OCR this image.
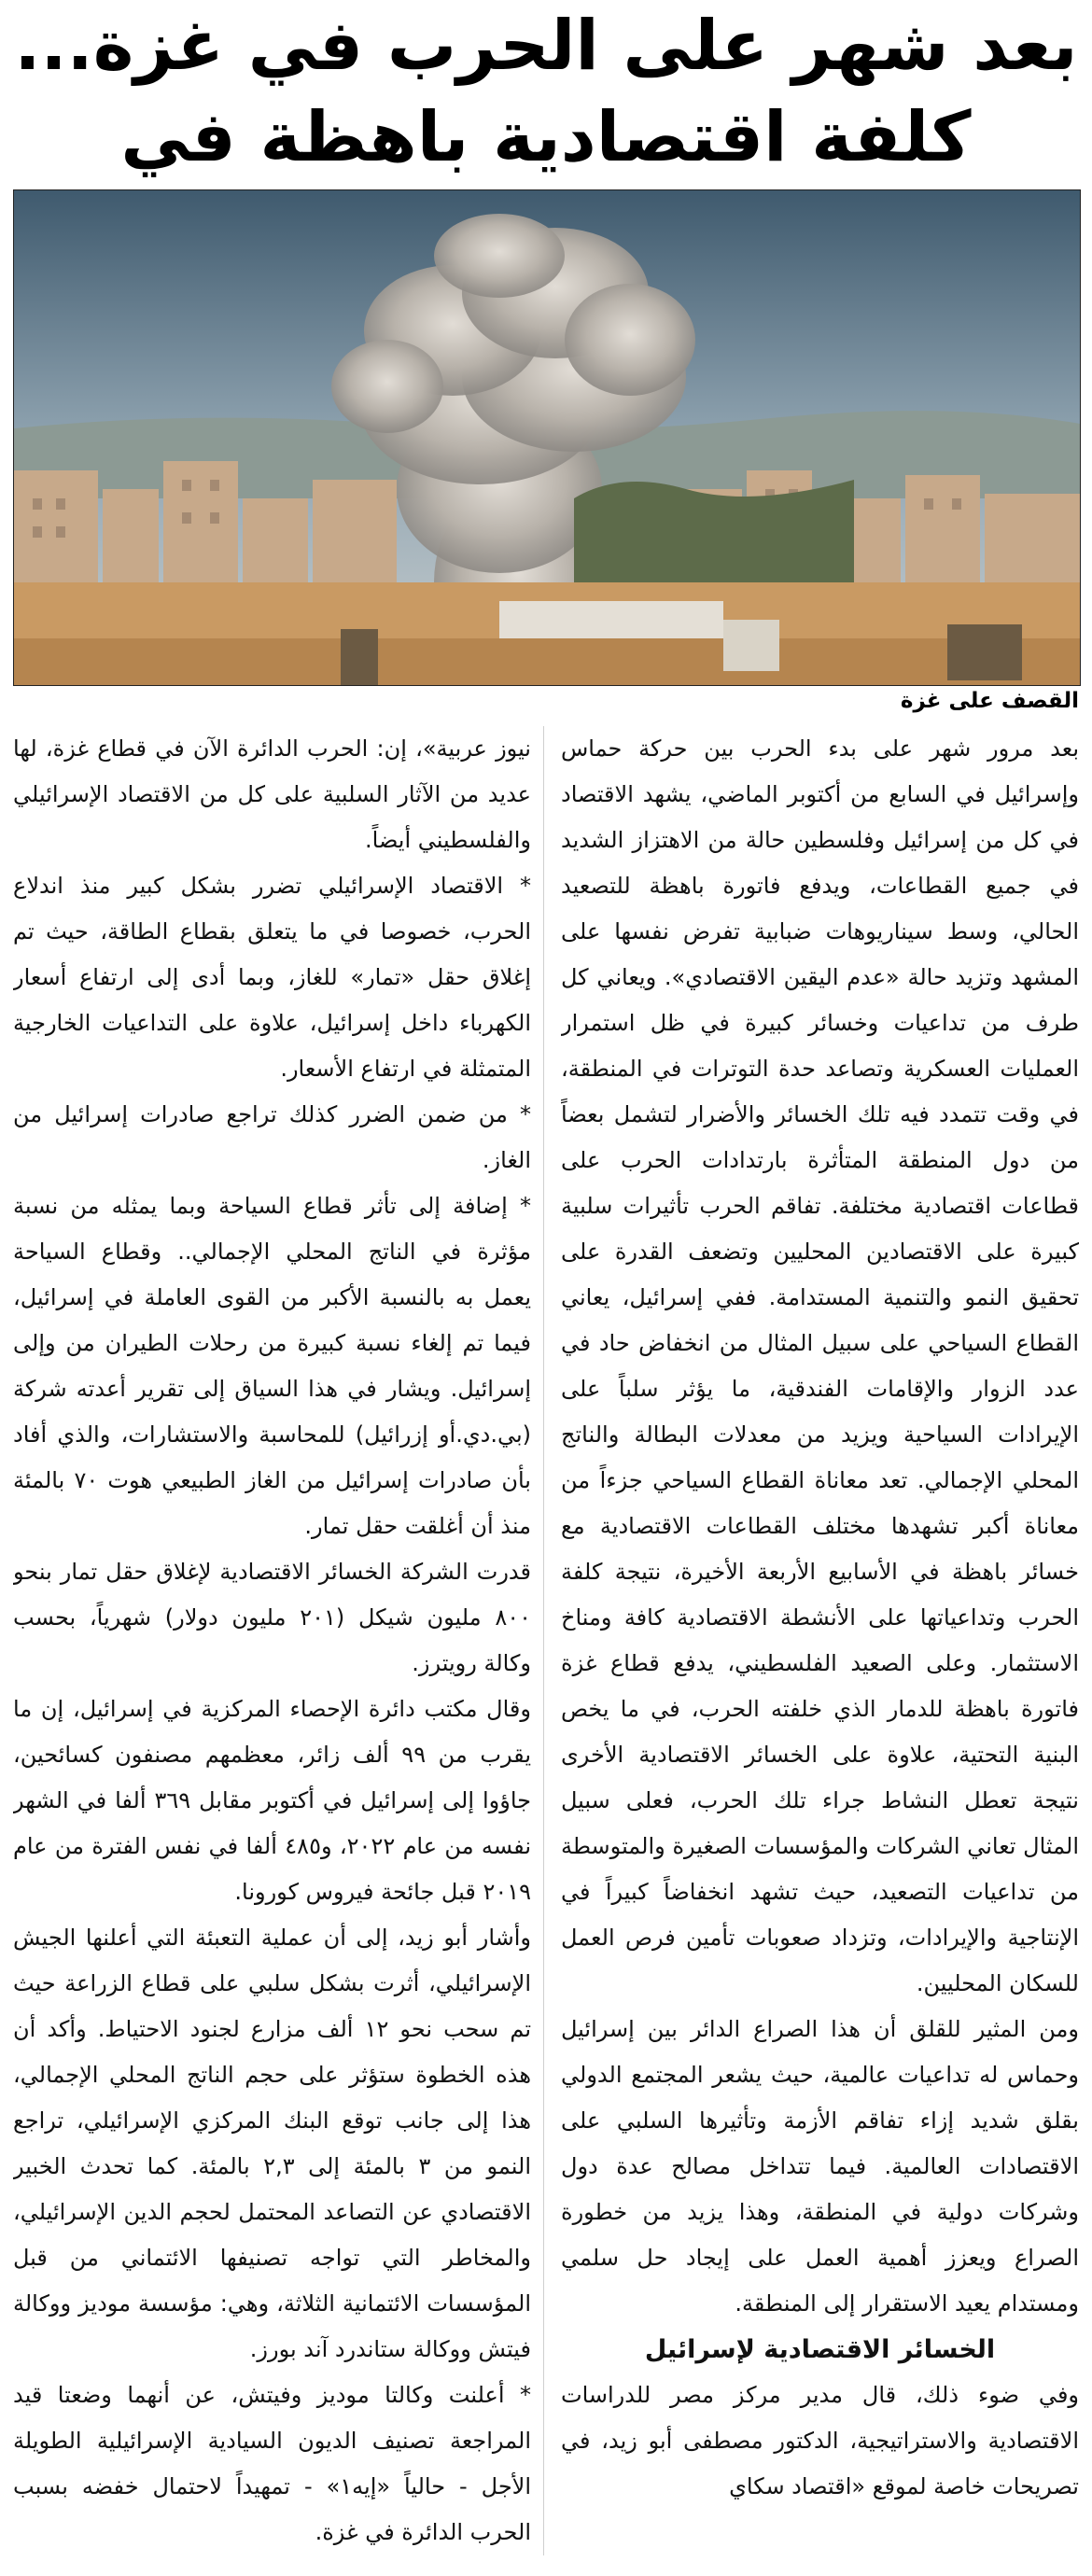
بعد شهر على الحرب في غزة...
كلفة اقتصادية باهظة في
القصف على غزة

بعد مرور شهر على بدء الحرب بين حركة حماس وإسرائيل في السابع من أكتوبر الماضي، يشهد الاقتصاد في كل من إسرائيل وفلسطين حالة من الاهتزاز الشديد في جميع القطاعات، ويدفع فاتورة باهظة للتصعيد الحالي، وسط سيناريوهات ضبابية تفرض نفسها على المشهد وتزيد حالة «عدم اليقين الاقتصادي». ويعاني كل طرف من تداعيات وخسائر كبيرة في ظل استمرار العمليات العسكرية وتصاعد حدة التوترات في المنطقة، في وقت تتمدد فيه تلك الخسائر والأضرار لتشمل بعضاً من دول المنطقة المتأثرة بارتدادات الحرب على قطاعات اقتصادية مختلفة. تفاقم الحرب تأثيرات سلبية كبيرة على الاقتصادين المحليين وتضعف القدرة على تحقيق النمو والتنمية المستدامة. ففي إسرائيل، يعاني القطاع السياحي على سبيل المثال من انخفاض حاد في عدد الزوار والإقامات الفندقية، ما يؤثر سلباً على الإيرادات السياحية ويزيد من معدلات البطالة والناتج المحلي الإجمالي. تعد معاناة القطاع السياحي جزءاً من معاناة أكبر تشهدها مختلف القطاعات الاقتصادية مع خسائر باهظة في الأسابيع الأربعة الأخيرة، نتيجة كلفة الحرب وتداعياتها على الأنشطة الاقتصادية كافة ومناخ الاستثمار. وعلى الصعيد الفلسطيني، يدفع قطاع غزة فاتورة باهظة للدمار الذي خلفته الحرب، في ما يخص البنية التحتية، علاوة على الخسائر الاقتصادية الأخرى نتيجة تعطل النشاط جراء تلك الحرب، فعلى سبيل المثال تعاني الشركات والمؤسسات الصغيرة والمتوسطة من تداعيات التصعيد، حيث تشهد انخفاضاً كبيراً في الإنتاجية والإيرادات، وتزداد صعوبات تأمين فرص العمل للسكان المحليين.

ومن المثير للقلق أن هذا الصراع الدائر بين إسرائيل وحماس له تداعيات عالمية، حيث يشعر المجتمع الدولي بقلق شديد إزاء تفاقم الأزمة وتأثيرها السلبي على الاقتصادات العالمية. فيما تتداخل مصالح عدة دول وشركات دولية في المنطقة، وهذا يزيد من خطورة الصراع ويعزز أهمية العمل على إيجاد حل سلمي ومستدام يعيد الاستقرار إلى المنطقة.

الخسائر الاقتصادية لإسرائيل

وفي ضوء ذلك، قال مدير مركز مصر للدراسات الاقتصادية والاستراتيجية، الدكتور مصطفى أبو زيد، في تصريحات خاصة لموقع «اقتصاد سكاي

نيوز عربية»، إن: الحرب الدائرة الآن في قطاع غزة، لها عديد من الآثار السلبية على كل من الاقتصاد الإسرائيلي والفلسطيني أيضاً.

* الاقتصاد الإسرائيلي تضرر بشكل كبير منذ اندلاع الحرب، خصوصا في ما يتعلق بقطاع الطاقة، حيث تم إغلاق حقل «تمار» للغاز، وبما أدى إلى ارتفاع أسعار الكهرباء داخل إسرائيل، علاوة على التداعيات الخارجية المتمثلة في ارتفاع الأسعار.

* من ضمن الضرر كذلك تراجع صادرات إسرائيل من الغاز.

* إضافة إلى تأثر قطاع السياحة وبما يمثله من نسبة مؤثرة في الناتج المحلي الإجمالي.. وقطاع السياحة يعمل به بالنسبة الأكبر من القوى العاملة في إسرائيل، فيما تم إلغاء نسبة كبيرة من رحلات الطيران من وإلى إسرائيل. ويشار في هذا السياق إلى تقرير أعدته شركة (بي.دي.أو إزرائيل) للمحاسبة والاستشارات، والذي أفاد بأن صادرات إسرائيل من الغاز الطبيعي هوت ٧٠ بالمئة منذ أن أغلقت حقل تمار.

قدرت الشركة الخسائر الاقتصادية لإغلاق حقل تمار بنحو ٨٠٠ مليون شيكل (٢٠١ مليون دولار) شهرياً، بحسب وكالة رويترز.

وقال مكتب دائرة الإحصاء المركزية في إسرائيل، إن ما يقرب من ٩٩ ألف زائر، معظمهم مصنفون كسائحين، جاؤوا إلى إسرائيل في أكتوبر مقابل ٣٦٩ ألفا في الشهر نفسه من عام ٢٠٢٢، و٤٨٥ ألفا في نفس الفترة من عام ٢٠١٩ قبل جائحة فيروس كورونا.

وأشار أبو زيد، إلى أن عملية التعبئة التي أعلنها الجيش الإسرائيلي، أثرت بشكل سلبي على قطاع الزراعة حيث تم سحب نحو ١٢ ألف مزارع لجنود الاحتياط. وأكد أن هذه الخطوة ستؤثر على حجم الناتج المحلي الإجمالي، هذا إلى جانب توقع البنك المركزي الإسرائيلي، تراجع النمو من ٣ بالمئة إلى ٢,٣ بالمئة. كما تحدث الخبير الاقتصادي عن التصاعد المحتمل لحجم الدين الإسرائيلي، والمخاطر التي تواجه تصنيفها الائتماني من قبل المؤسسات الائتمانية الثلاثة، وهي: مؤسسة موديز ووكالة فيتش ووكالة ستاندرد آند بورز.

* أعلنت وكالتا موديز وفيتش، عن أنهما وضعتا قيد المراجعة تصنيف الديون السيادية الإسرائيلية الطويلة الأجل - حالياً «إيه١» - تمهيداً لاحتمال خفضه بسبب الحرب الدائرة في غزة.
